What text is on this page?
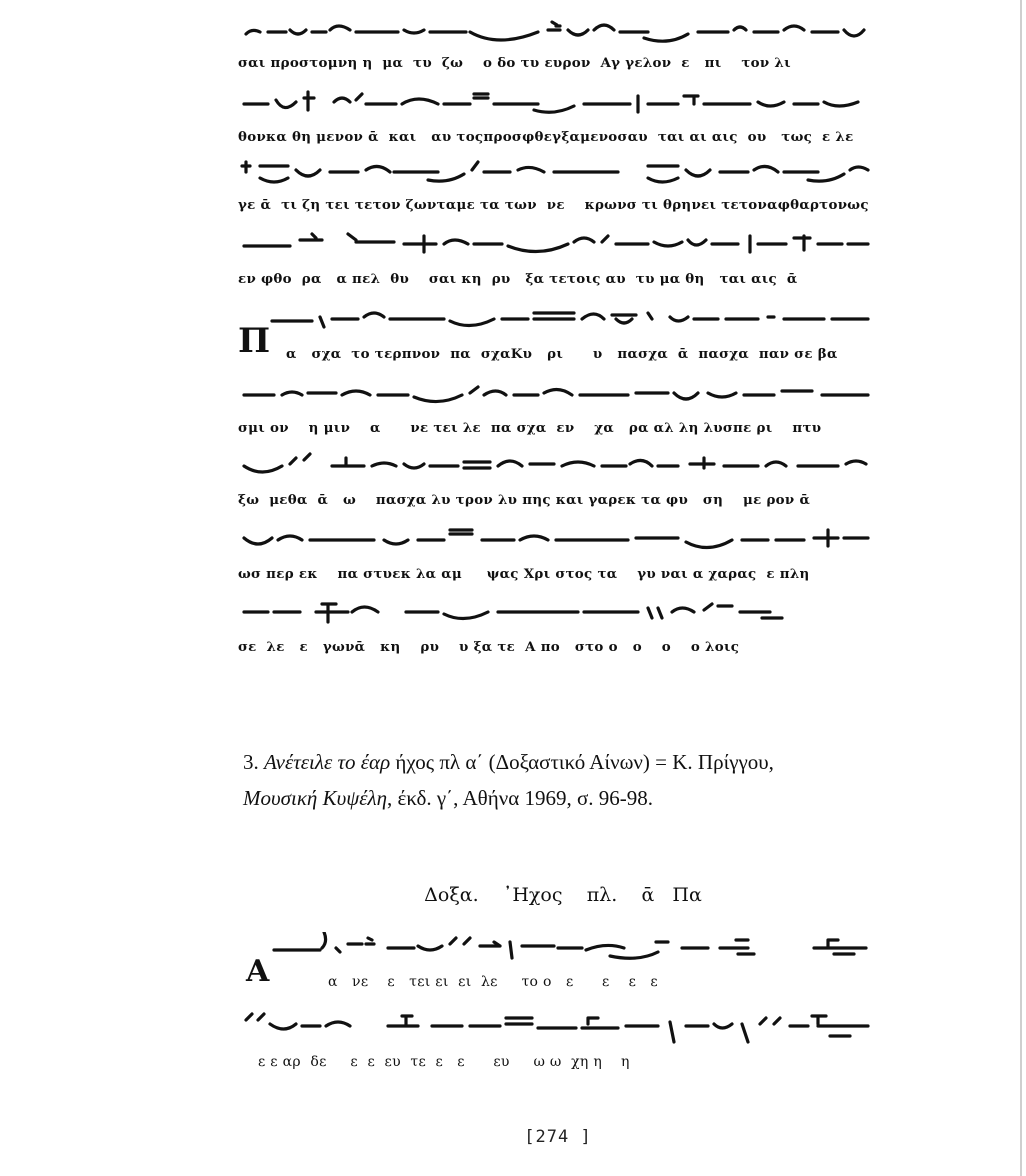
σαι προστομνη η  μα  τυ  ζω    ο δο τυ ευρον  Αγ γελον  ε   πι    τον λι
θονκα θη μενον ᾱ  και   αυ τοςπροσφθεγξαμενοσαυ  ται αι αις  ου   τως  ε λε
γε ᾱ  τι ζη τει τετον ζωνταμε τα των  νε    κρωνσ τι θρηνει τετοναφθαρτονως
εν φθο  ρα   α πελ  θυ    σαι κη  ρυ   ξα τετοις αυ  τυ μα θη   ται αις  ᾱ
Π α   σχα  το τερπνον  πα  σχαΚυ   ρι      υ   πασχα  ᾱ  πασχα  παν σε βα
σμι ον    η μιν    α      νε τει λε  πα σχα  εν    χα   ρα αλ λη λυσπε ρι    πτυ
ξω  μεθα  ᾱ   ω    πασχα λυ τρον λυ πης και γαρεκ τα φυ   ση    με ρον ᾱ
ωσ περ εκ    πα στυεκ λα αμ     ψας Χρι στος τα    γυ ναι α χαρας  ε πλη
σε  λε   ε   γωνᾱ   κη    ρυ    υ ξα τε  Α πο   στο ο   ο    ο    ο λοις
3. Ανέτειλε το έαρ ήχος πλ α΄ (Δοξαστικό Αίνων) = Κ. Πρίγγου,
Μουσική Κυψέλη, έκδ. γ΄, Αθήνα 1969, σ. 96-98.

Δοξα. ᾿Ηχος πλ. ᾱ Πα

Α	α   νε    ε   τει ει  ει  λε     το ο   ε      ε    ε   ε
ε ε αρ  δε     ε  ε  ευ  τε  ε   ε      ευ     ω ω  χη η    η
[274 ]
